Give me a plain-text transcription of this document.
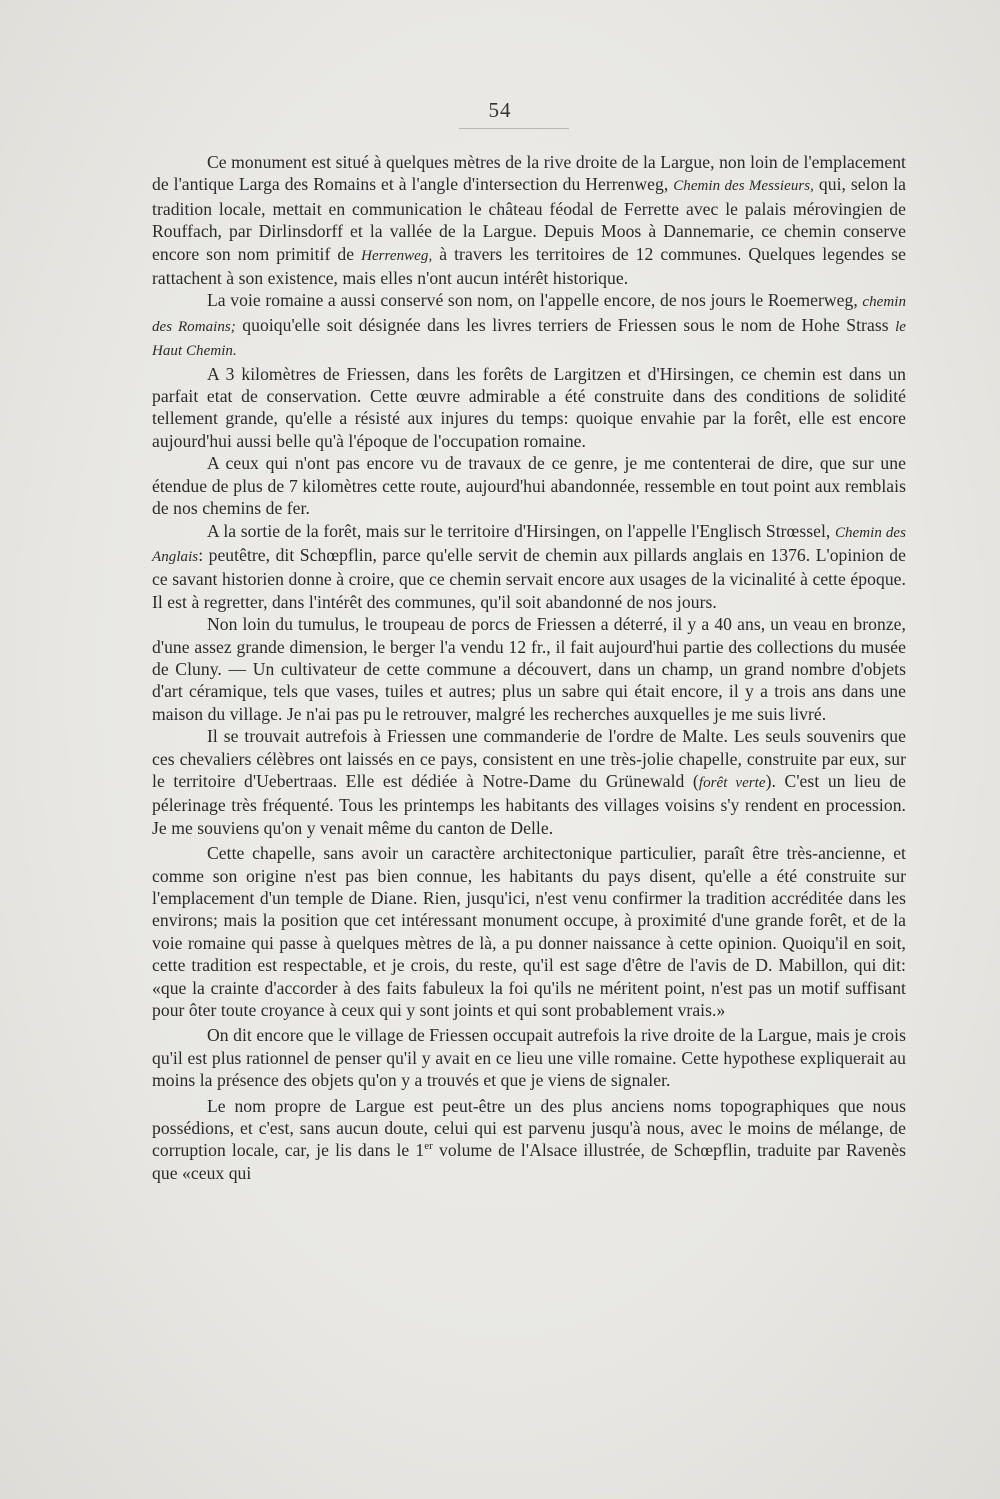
54

Ce monument est situé à quelques mètres de la rive droite de la Largue, non loin de l'emplacement de l'antique Larga des Romains et à l'angle d'intersection du Herrenweg, Chemin des Messieurs, qui, selon la tradition locale, mettait en communication le château féodal de Ferrette avec le palais mérovingien de Rouffach, par Dirlinsdorff et la vallée de la Largue. Depuis Moos à Dannemarie, ce chemin conserve encore son nom primitif de Herrenweg, à travers les territoires de 12 communes. Quelques legendes se rattachent à son existence, mais elles n'ont aucun intérêt historique.

La voie romaine a aussi conservé son nom, on l'appelle encore, de nos jours le Roemerweg, chemin des Romains; quoiqu'elle soit désignée dans les livres terriers de Friessen sous le nom de Hohe Strass le Haut Chemin.

A 3 kilomètres de Friessen, dans les forêts de Largitzen et d'Hirsingen, ce chemin est dans un parfait etat de conservation. Cette œuvre admirable a été construite dans des conditions de solidité tellement grande, qu'elle a résisté aux injures du temps: quoique envahie par la forêt, elle est encore aujourd'hui aussi belle qu'à l'époque de l'occupation romaine.

A ceux qui n'ont pas encore vu de travaux de ce genre, je me contenterai de dire, que sur une étendue de plus de 7 kilomètres cette route, aujourd'hui abandonnée, ressemble en tout point aux remblais de nos chemins de fer.

A la sortie de la forêt, mais sur le territoire d'Hirsingen, on l'appelle l'Englisch Strœssel, Chemin des Anglais: peutêtre, dit Schœpflin, parce qu'elle servit de chemin aux pillards anglais en 1376. L'opinion de ce savant historien donne à croire, que ce chemin servait encore aux usages de la vicinalité à cette époque. Il est à regretter, dans l'intérêt des communes, qu'il soit abandonné de nos jours.

Non loin du tumulus, le troupeau de porcs de Friessen a déterré, il y a 40 ans, un veau en bronze, d'une assez grande dimension, le berger l'a vendu 12 fr., il fait aujourd'hui partie des collections du musée de Cluny. — Un cultivateur de cette commune a découvert, dans un champ, un grand nombre d'objets d'art céramique, tels que vases, tuiles et autres; plus un sabre qui était encore, il y a trois ans dans une maison du village. Je n'ai pas pu le retrouver, malgré les recherches auxquelles je me suis livré.

Il se trouvait autrefois à Friessen une commanderie de l'ordre de Malte. Les seuls souvenirs que ces chevaliers célèbres ont laissés en ce pays, consistent en une très-jolie chapelle, construite par eux, sur le territoire d'Uebertraas. Elle est dédiée à Notre-Dame du Grünewald (forêt verte). C'est un lieu de pélerinage très fréquenté. Tous les printemps les habitants des villages voisins s'y rendent en procession. Je me souviens qu'on y venait même du canton de Delle.

Cette chapelle, sans avoir un caractère architectonique particulier, paraît être très-ancienne, et comme son origine n'est pas bien connue, les habitants du pays disent, qu'elle a été construite sur l'emplacement d'un temple de Diane. Rien, jusqu'ici, n'est venu confirmer la tradition accréditée dans les environs; mais la position que cet intéressant monument occupe, à proximité d'une grande forêt, et de la voie romaine qui passe à quelques mètres de là, a pu donner naissance à cette opinion. Quoiqu'il en soit, cette tradition est respectable, et je crois, du reste, qu'il est sage d'être de l'avis de D. Mabillon, qui dit: «que la crainte d'accorder à des faits fabuleux la foi qu'ils ne méritent point, n'est pas un motif suffisant pour ôter toute croyance à ceux qui y sont joints et qui sont probablement vrais.»

On dit encore que le village de Friessen occupait autrefois la rive droite de la Largue, mais je crois qu'il est plus rationnel de penser qu'il y avait en ce lieu une ville romaine. Cette hypothese expliquerait au moins la présence des objets qu'on y a trouvés et que je viens de signaler.

Le nom propre de Largue est peut-être un des plus anciens noms topographiques que nous possédions, et c'est, sans aucun doute, celui qui est parvenu jusqu'à nous, avec le moins de mélange, de corruption locale, car, je lis dans le 1er volume de l'Alsace illustrée, de Schœpflin, traduite par Ravenès que «ceux qui
